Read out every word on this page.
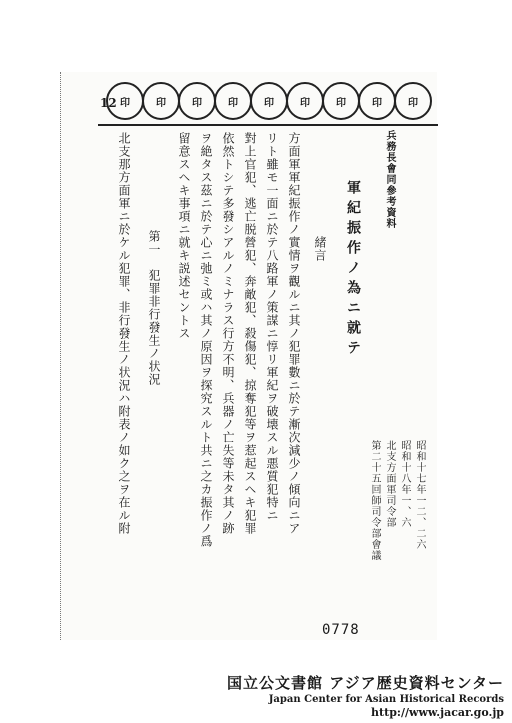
印	印	印	印	印	印	印	印	印
12
兵務長會同參考資料
軍紀振作ノ為ニ就テ
緒言
昭和十七年一二、二六
昭和十八年一、六
北支方面軍司令部
第二十五回師司令部會議
方面軍軍紀振作ノ實情ヲ觀ルニ其ノ犯罪數ニ於テ漸次減少ノ傾向ニア
リト雖モ一面ニ於テ八路軍ノ策謀ニ惇リ軍紀ヲ破壊スル悪質犯特ニ
對上官犯、逃亡脱營犯、奔敵犯、殺傷犯、掠奪犯等ヲ惹起スヘキ犯罪
依然トシテ多發シアルノミナラス行方不明、兵器ノ亡失等未タ其ノ跡
ヲ絶タス茲ニ於テ心ニ弛ミ或ハ其ノ原因ヲ探究スルト共ニ之カ振作ノ爲
留意スヘキ事項ニ就キ説述セントス
第一　犯罪非行發生ノ状況
北支那方面軍ニ於ケル犯罪、非行發生ノ状況ハ附表ノ如ク之ヲ在ル附
0778
国立公文書館 アジア歴史資料センター
Japan Center for Asian Historical Records
http://www.jacar.go.jp
